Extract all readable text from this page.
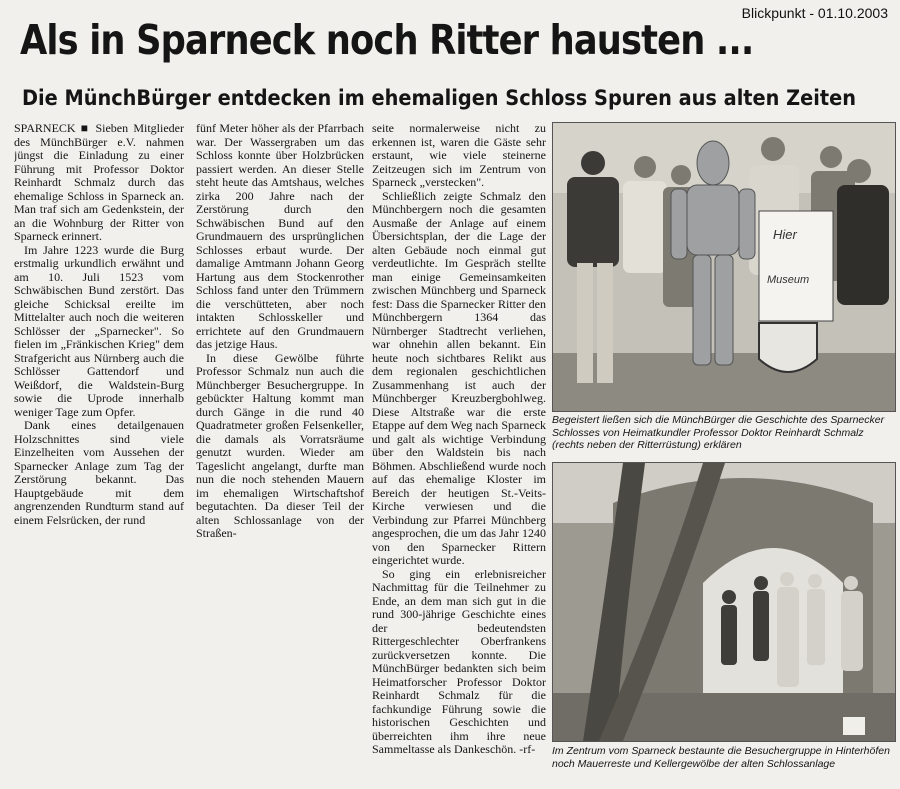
Blickpunkt - 01.10.2003
Als in Sparneck noch Ritter hausten ...
Die MünchBürger entdecken im ehemaligen Schloss Spuren aus alten Zeiten

SPARNECK ■ Sieben Mitglieder des MünchBürger e.V. nahmen jüngst die Einladung zu einer Führung mit Professor Doktor Reinhardt Schmalz durch das ehemalige Schloss in Sparneck an. Man traf sich am Gedenkstein, der an die Wohnburg der Ritter von Sparneck erinnert.

Im Jahre 1223 wurde die Burg erstmalig urkundlich erwähnt und am 10. Juli 1523 vom Schwäbischen Bund zerstört. Das gleiche Schicksal ereilte im Mittelalter auch noch die weiteren Schlösser der „Sparnecker". So fielen im „Fränkischen Krieg" dem Strafgericht aus Nürnberg auch die Schlösser Gattendorf und Weißdorf, die Waldstein-Burg sowie die Uprode innerhalb weniger Tage zum Opfer.

Dank eines detailgenauen Holzschnittes sind viele Einzelheiten vom Aussehen der Sparnecker Anlage zum Tag der Zerstörung bekannt. Das Hauptgebäude mit dem angrenzenden Rundturm stand auf einem Felsrücken, der rund

fünf Meter höher als der Pfarrbach war. Der Wassergraben um das Schloss konnte über Holzbrücken passiert werden. An dieser Stelle steht heute das Amtshaus, welches zirka 200 Jahre nach der Zerstörung durch den Schwäbischen Bund auf den Grundmauern des ursprünglichen Schlosses erbaut wurde. Der damalige Amtmann Johann Georg Hartung aus dem Stockenrother Schloss fand unter den Trümmern die verschütteten, aber noch intakten Schlosskeller und errichtete auf den Grundmauern das jetzige Haus.

In diese Gewölbe führte Professor Schmalz nun auch die Münchberger Besuchergruppe. In gebückter Haltung kommt man durch Gänge in die rund 40 Quadratmeter großen Felsenkeller, die damals als Vorratsräume genutzt wurden. Wieder am Tageslicht angelangt, durfte man nun die noch stehenden Mauern im ehemaligen Wirtschaftshof begutachten. Da dieser Teil der alten Schlossanlage von der Straßen-

seite normalerweise nicht zu erkennen ist, waren die Gäste sehr erstaunt, wie viele steinerne Zeitzeugen sich im Zentrum von Sparneck „verstecken".

Schließlich zeigte Schmalz den Münchbergern noch die gesamten Ausmaße der Anlage auf einem Übersichtsplan, der die Lage der alten Gebäude noch einmal gut verdeutlichte. Im Gespräch stellte man einige Gemeinsamkeiten zwischen Münchberg und Sparneck fest: Dass die Sparnecker Ritter den Münchbergern 1364 das Nürnberger Stadtrecht verliehen, war ohnehin allen bekannt. Ein heute noch sichtbares Relikt aus dem regionalen geschichtlichen Zusammenhang ist auch der Münchberger Kreuzbergbohlweg. Diese Altstraße war die erste Etappe auf dem Weg nach Sparneck und galt als wichtige Verbindung über den Waldstein bis nach Böhmen. Abschließend wurde noch auf das ehemalige Kloster im Bereich der heutigen St.-Veits-Kirche verwiesen und die Verbindung zur Pfarrei Münchberg angesprochen, die um das Jahr 1240 von den Sparnecker Rittern eingerichtet wurde.

So ging ein erlebnisreicher Nachmittag für die Teilnehmer zu Ende, an dem man sich gut in die rund 300-jährige Geschichte eines der bedeutendsten Rittergeschlechter Oberfrankens zurückversetzen konnte. Die MünchBürger bedankten sich beim Heimatforscher Professor Doktor Reinhardt Schmalz für die fachkundige Führung sowie die historischen Geschichten und überreichten ihm ihre neue Sammeltasse als Dankeschön. -rf-

Hier
Museum
Begeistert ließen sich die MünchBürger die Geschichte des Sparnecker Schlosses von Heimatkundler Professor Doktor Reinhardt Schmalz (rechts neben der Ritterrüstung) erklären
Im Zentrum vom Sparneck bestaunte die Besuchergruppe in Hinterhöfen noch Mauerreste und Kellergewölbe der alten Schlossanlage
